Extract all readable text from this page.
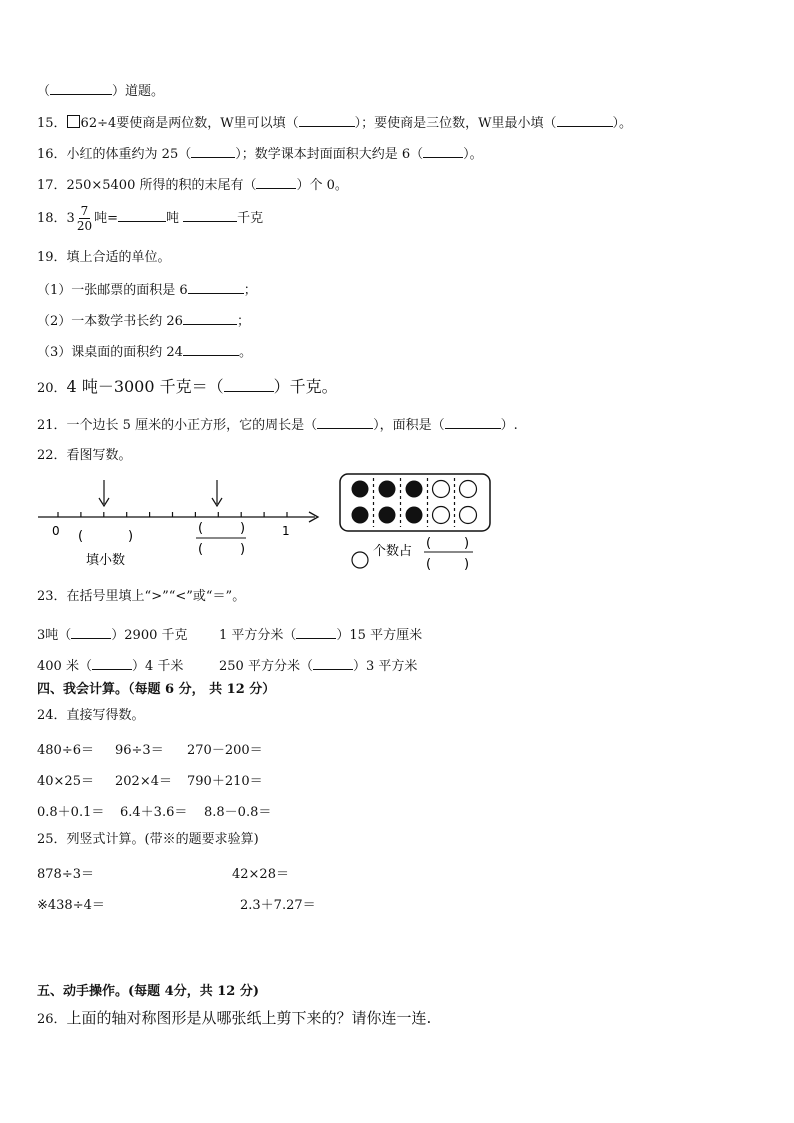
（	）道题。
15． 62÷4要使商是两位数，W里可以填（	）；要使商是三位数，W里最小填（	）。
16．小红的体重约为 25（	）；数学课本封面面积大约是 6（	）。
17．250×5400 所得的积的末尾有（	）个 0。
18．$3 \frac{7}{20}$ 吨=	吨	千克
19．填上合适的单位。
（1）一张邮票的面积是 6	；
（2）一本数学书长约 26	；
（3）课桌面的面积约 24	。
20．4 吨－3000 千克＝（	）千克。
21．一个边长 5 厘米的小正方形，它的周长是（	），面积是（	）.
22．看图写数。
0	1
(	)
填小数
(	)
(	)	个数占
(	)
(	)
23．在括号里填上“>”“<”或“＝”。
3吨（	）2900 千克 1 平方分米（	）15 平方厘米
400 米（	）4 千米	250 平方分米（	）3 平方米
四、我会计算。（每题 6 分， 共 12 分）
24．直接写得数。
480÷6＝ 96÷3＝ 270－200＝
40×25＝ 202×4＝ 790＋210＝
0.8＋0.1＝ 6.4＋3.6＝ 8.8－0.8＝
25．列竖式计算。(带※的题要求验算)
878÷3＝	42×28＝
※438÷4＝	2.3＋7.27＝
五、动手操作。(每题 4分，共 12 分)
26．上面的轴对称图形是从哪张纸上剪下来的？请你连一连.
